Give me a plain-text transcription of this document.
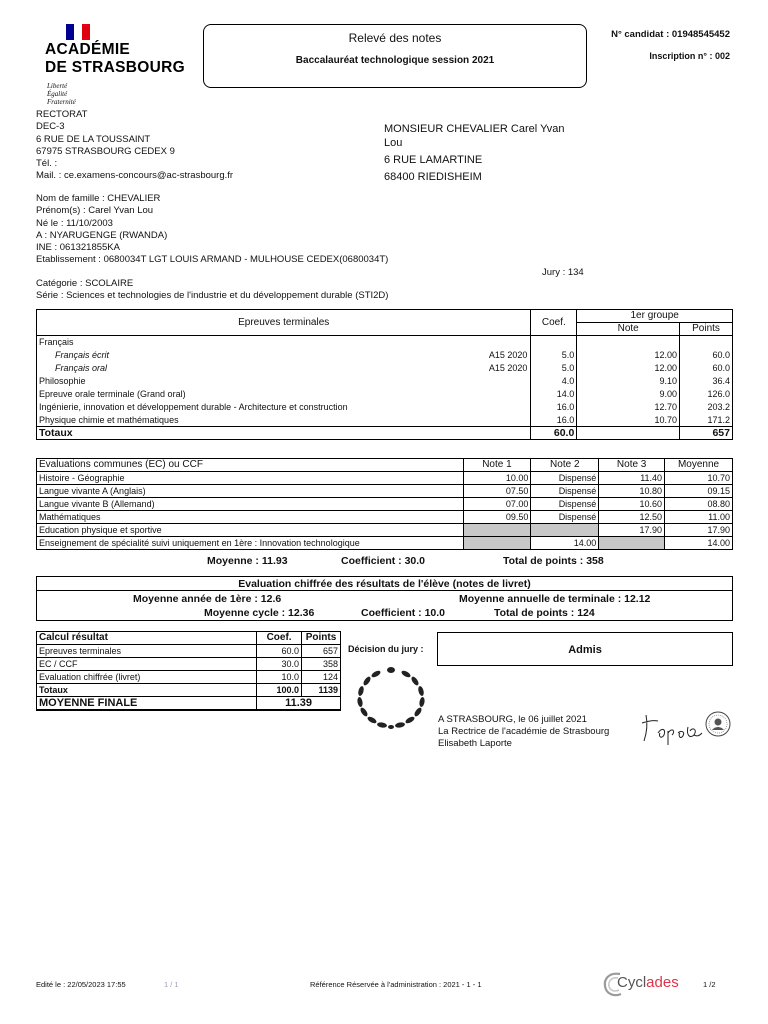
ACADÉMIE
DE STRASBOURG
Liberté
Égalité
Fraternité
Relevé des notes
Baccalauréat technologique session 2021
N° candidat : 01948545452
Inscription n° : 002
RECTORAT
DEC-3
6 RUE DE LA TOUSSAINT
67975 STRASBOURG CEDEX 9
Tél. :
Mail. : ce.examens-concours@ac-strasbourg.fr
MONSIEUR CHEVALIER Carel Yvan
Lou
6 RUE LAMARTINE
68400 RIEDISHEIM
Nom de famille : CHEVALIER
Prénom(s) : Carel Yvan Lou
Né le : 11/10/2003
A : NYARUGENGE (RWANDA)
INE : 061321855KA
Etablissement : 0680034T LGT LOUIS ARMAND - MULHOUSE CEDEX(0680034T)
Jury : 134
Catégorie : SCOLAIRE
Série : Sciences et technologies de l'industrie et du développement durable (STI2D)
Epreuves terminales	Coef.	1er groupe	
		Note	Points
Français			
Français écrit A15 2020	5.0	12.00	60.0
Français oral A15 2020	5.0	12.00	60.0
Philosophie	4.0	9.10	36.4
Epreuve orale terminale (Grand oral)	14.0	9.00	126.0
Ingénierie, innovation et développement durable - Architecture et construction	16.0	12.70	203.2
Physique chimie et mathématiques	16.0	10.70	171.2
Totaux	60.0		657
Evaluations communes (EC) ou CCF	Note 1	Note 2	Note 3	Moyenne
Histoire - Géographie	10.00	Dispensé	11.40	10.70
Langue vivante A (Anglais)	07.50	Dispensé	10.80	09.15
Langue vivante B (Allemand)	07.00	Dispensé	10.60	08.80
Mathématiques	09.50	Dispensé	12.50	11.00
Education physique et sportive			17.90	17.90
Enseignement de spécialité suivi uniquement en 1ère : Innovation technologique		14.00		14.00
Moyenne : 11.93	Coefficient : 30.0	Total de points : 358
Evaluation chiffrée des résultats de l'élève (notes de livret)
Moyenne année de 1ère : 12.6	Moyenne annuelle de terminale : 12.12
Moyenne cycle : 12.36	Coefficient : 10.0	Total de points : 124
Calcul résultat	Coef.	Points
Epreuves terminales	60.0	657
EC / CCF	30.0	358
Evaluation chiffrée (livret)	10.0	124
Totaux	100.0	1139
MOYENNE FINALE	11.39	
Décision du jury :	Admis
A STRASBOURG, le 06 juillet 2021
La Rectrice de l'académie de Strasbourg
Elisabeth Laporte
Edité le : 22/05/2023 17:55	1 / 1	Référence Réservée à l'administration : 2021 - 1 - 1	Cyclades	1 /2
